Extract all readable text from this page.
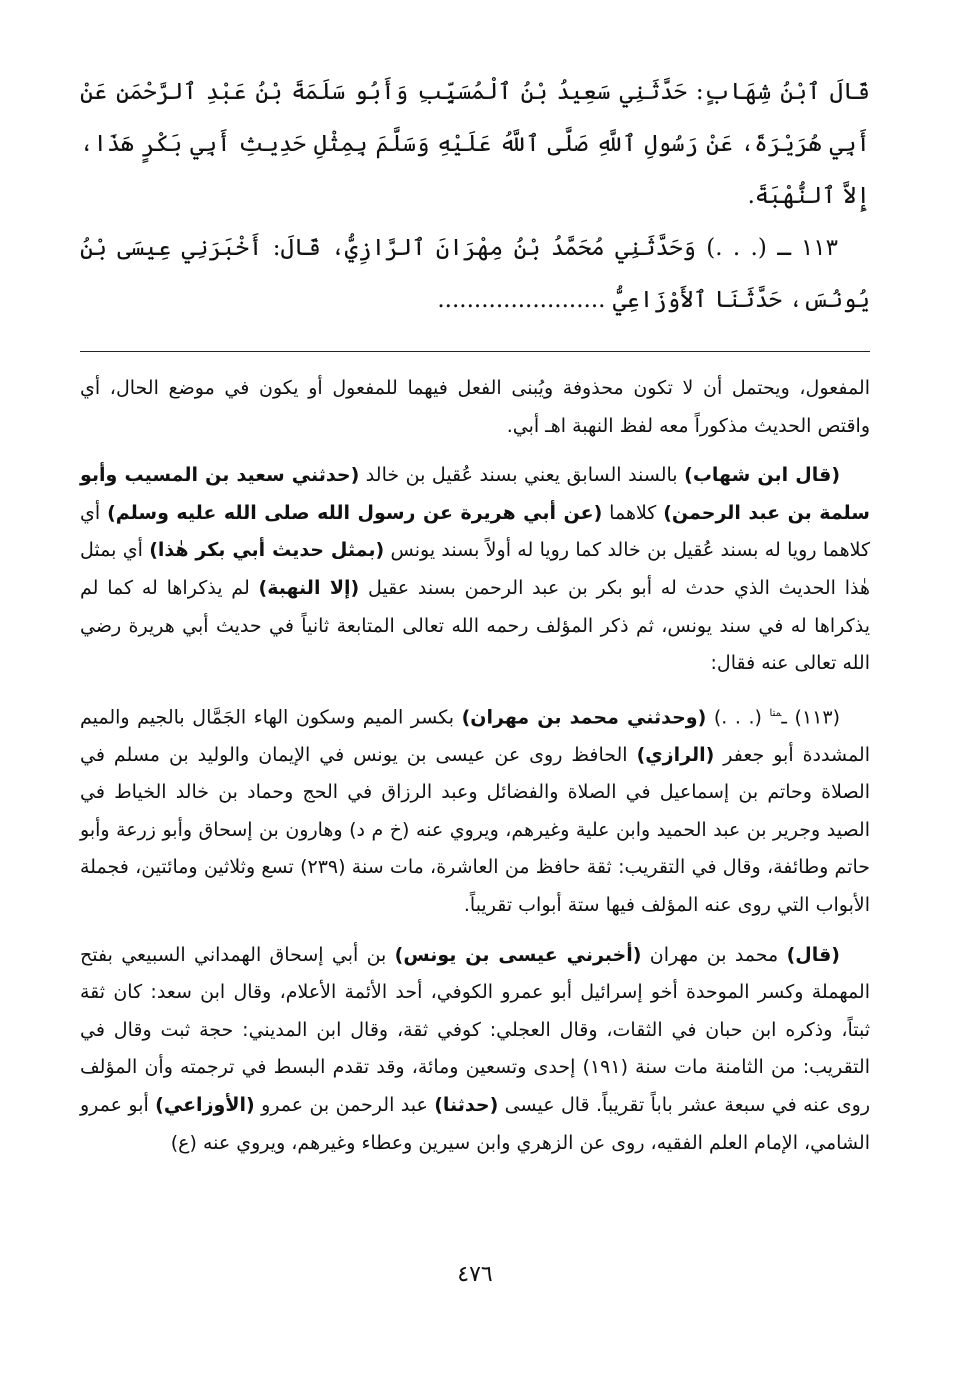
قَالَ ٱبْنُ شِهَابٍ: حَدَّثَنِي سَعِيدُ بْنُ ٱلْمُسَيِّبِ وَأَبُو سَلَمَةَ بْنُ عَبْدِ ٱلرَّحْمَنِ عَنْ أَبِي هُرَيْرَةَ، عَنْ رَسُولِ ٱللَّهِ صَلَّى ٱللَّهُ عَلَيْهِ وَسَلَّمَ بِمِثْلِ حَدِيثِ أَبِي بَكْرٍ هَذَا، إِلاَّ ٱلنُّهْبَةَ.

١١٣ ـ (. . .) وَحَدَّثَنِي مُحَمَّدُ بْنُ مِهْرَانَ ٱلرَّازِيُّ، قَالَ: أَخْبَرَنِي عِيسَى بْنُ يُونُسَ، حَدَّثَنَا ٱلأَوْزَاعِيُّ .......................

المفعول، ويحتمل أن لا تكون محذوفة ويُبنى الفعل فيهما للمفعول أو يكون في موضع الحال، أي واقتص الحديث مذكوراً معه لفظ النهبة اهـ أبي.

(قال ابن شهاب) بالسند السابق يعني بسند عُقيل بن خالد (حدثني سعيد بن المسيب وأبو سلمة بن عبد الرحمن) كلاهما (عن أبي هريرة عن رسول الله صلى الله عليه وسلم) أي كلاهما رويا له بسند عُقيل بن خالد كما رويا له أولاً بسند يونس (بمثل حديث أبي بكر هٰذا) أي بمثل هٰذا الحديث الذي حدث له أبو بكر بن عبد الرحمن بسند عقيل (إلا النهبة) لم يذكراها له كما لم يذكراها له في سند يونس، ثم ذكر المؤلف رحمه الله تعالى المتابعة ثانياً في حديث أبي هريرة رضي الله تعالى عنه فقال:

(١١٣) ـ$^{متا}$ (. . .) (وحدثني محمد بن مهران) بكسر الميم وسكون الهاء الجَمَّال بالجيم والميم المشددة أبو جعفر (الرازي) الحافظ روى عن عيسى بن يونس في الإيمان والوليد بن مسلم في الصلاة وحاتم بن إسماعيل في الصلاة والفضائل وعبد الرزاق في الحج وحماد بن خالد الخياط في الصيد وجرير بن عبد الحميد وابن علية وغيرهم، ويروي عنه (خ م د) وهارون بن إسحاق وأبو زرعة وأبو حاتم وطائفة، وقال في التقريب: ثقة حافظ من العاشرة، مات سنة (٢٣٩) تسع وثلاثين ومائتين، فجملة الأبواب التي روى عنه المؤلف فيها ستة أبواب تقريباً.

(قال) محمد بن مهران (أخبرني عيسى بن يونس) بن أبي إسحاق الهمداني السبيعي بفتح المهملة وكسر الموحدة أخو إسرائيل أبو عمرو الكوفي، أحد الأئمة الأعلام، وقال ابن سعد: كان ثقة ثبتاً، وذكره ابن حبان في الثقات، وقال العجلي: كوفي ثقة، وقال ابن المديني: حجة ثبت وقال في التقريب: من الثامنة مات سنة (١٩١) إحدى وتسعين ومائة، وقد تقدم البسط في ترجمته وأن المؤلف روى عنه في سبعة عشر باباً تقريباً. قال عيسى (حدثنا) عبد الرحمن بن عمرو (الأوزاعي) أبو عمرو الشامي، الإمام العلم الفقيه، روى عن الزهري وابن سيرين وعطاء وغيرهم، ويروي عنه (ع)

٤٧٦
